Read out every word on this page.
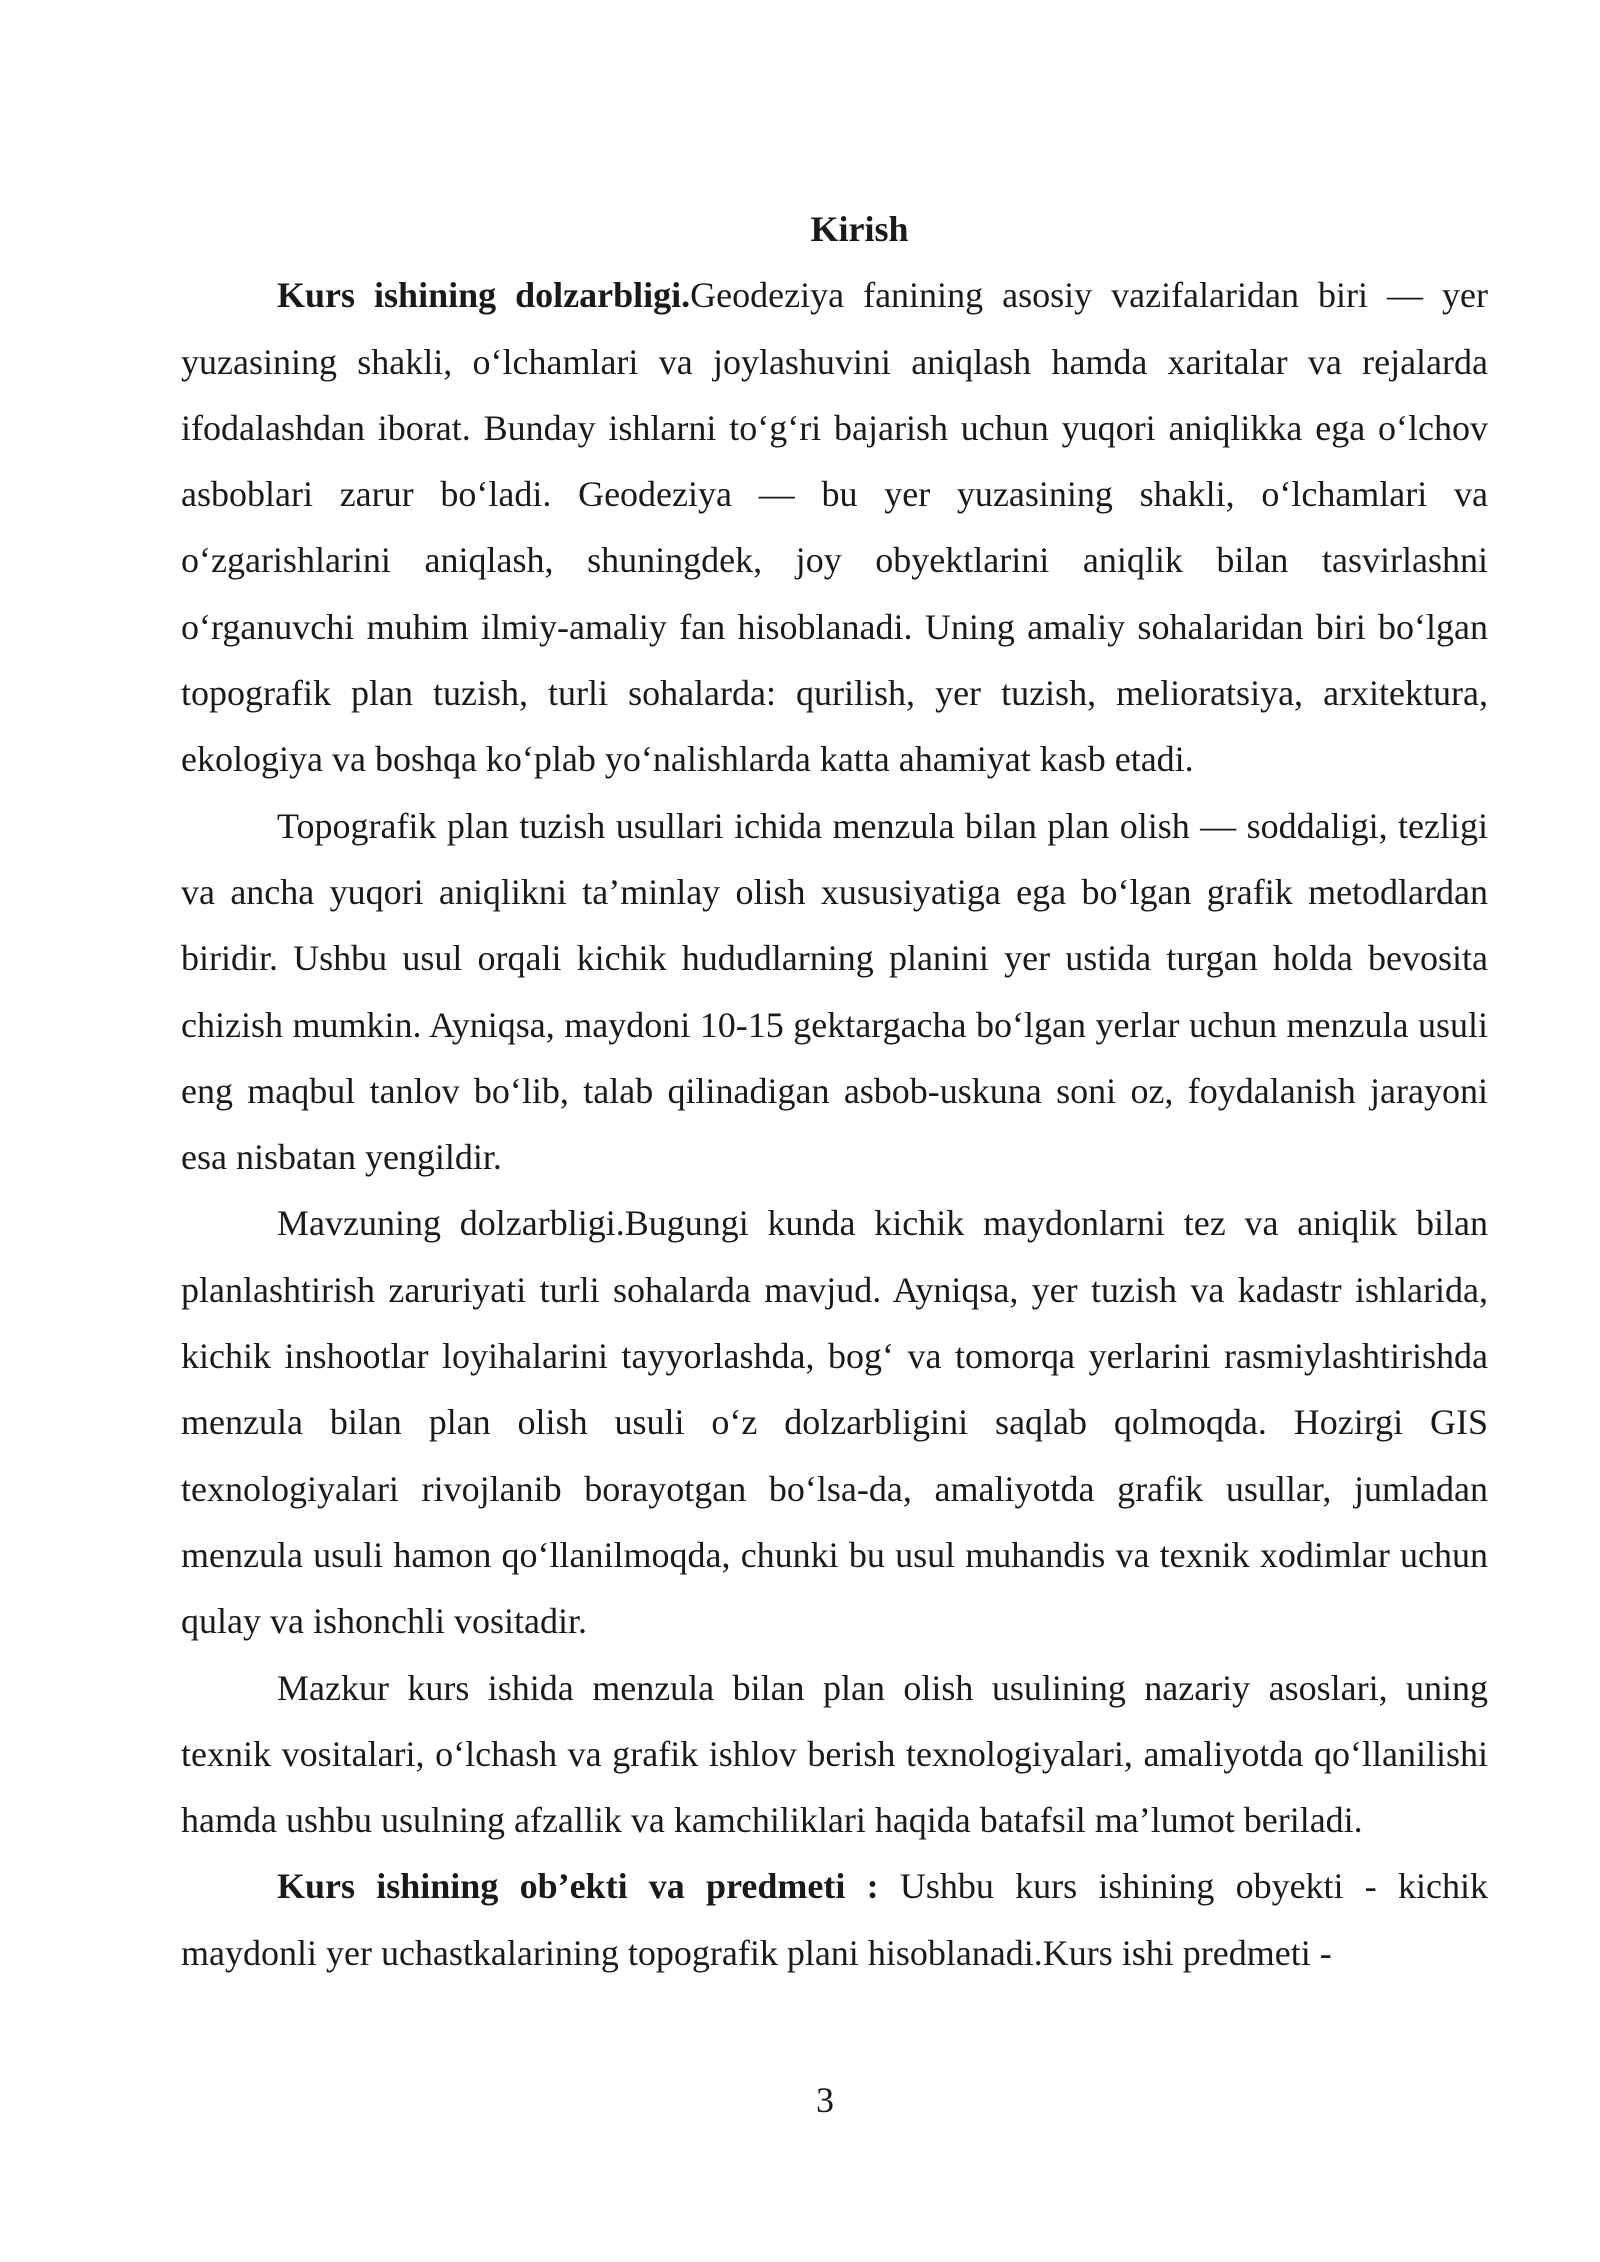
Kirish

Kurs ishining dolzarbligi.Geodeziya fanining asosiy vazifalaridan biri — yer yuzasining shakli, o‘lchamlari va joylashuvini aniqlash hamda xaritalar va rejalarda ifodalashdan iborat. Bunday ishlarni to‘g‘ri bajarish uchun yuqori aniqlikka ega o‘lchov asboblari zarur bo‘ladi. Geodeziya — bu yer yuzasining shakli, o‘lchamlari va o‘zgarishlarini aniqlash, shuningdek, joy obyektlarini aniqlik bilan tasvirlashni o‘rganuvchi muhim ilmiy-amaliy fan hisoblanadi. Uning amaliy sohalaridan biri bo‘lgan topografik plan tuzish, turli sohalarda: qurilish, yer tuzish, melioratsiya, arxitektura, ekologiya va boshqa ko‘plab yo‘nalishlarda katta ahamiyat kasb etadi.

Topografik plan tuzish usullari ichida menzula bilan plan olish — soddaligi, tezligi va ancha yuqori aniqlikni ta’minlay olish xususiyatiga ega bo‘lgan grafik metodlardan biridir. Ushbu usul orqali kichik hududlarning planini yer ustida turgan holda bevosita chizish mumkin. Ayniqsa, maydoni 10-15 gektargacha bo‘lgan yerlar uchun menzula usuli eng maqbul tanlov bo‘lib, talab qilinadigan asbob-uskuna soni oz, foydalanish jarayoni esa nisbatan yengildir.

Mavzuning dolzarbligi.Bugungi kunda kichik maydonlarni tez va aniqlik bilan planlashtirish zaruriyati turli sohalarda mavjud. Ayniqsa, yer tuzish va kadastr ishlarida, kichik inshootlar loyihalarini tayyorlashda, bog‘ va tomorqa yerlarini rasmiylashtirishda menzula bilan plan olish usuli o‘z dolzarbligini saqlab qolmoqda. Hozirgi GIS texnologiyalari rivojlanib borayotgan bo‘lsa-da, amaliyotda grafik usullar, jumladan menzula usuli hamon qo‘llanilmoqda, chunki bu usul muhandis va texnik xodimlar uchun qulay va ishonchli vositadir.

Mazkur kurs ishida menzula bilan plan olish usulining nazariy asoslari, uning texnik vositalari, o‘lchash va grafik ishlov berish texnologiyalari, amaliyotda qo‘llanilishi hamda ushbu usulning afzallik va kamchiliklari haqida batafsil ma’lumot beriladi.

Kurs ishining ob’ekti va predmeti : Ushbu kurs ishining obyekti - kichik maydonli yer uchastkalarining topografik plani hisoblanadi.Kurs ishi predmeti -

3
